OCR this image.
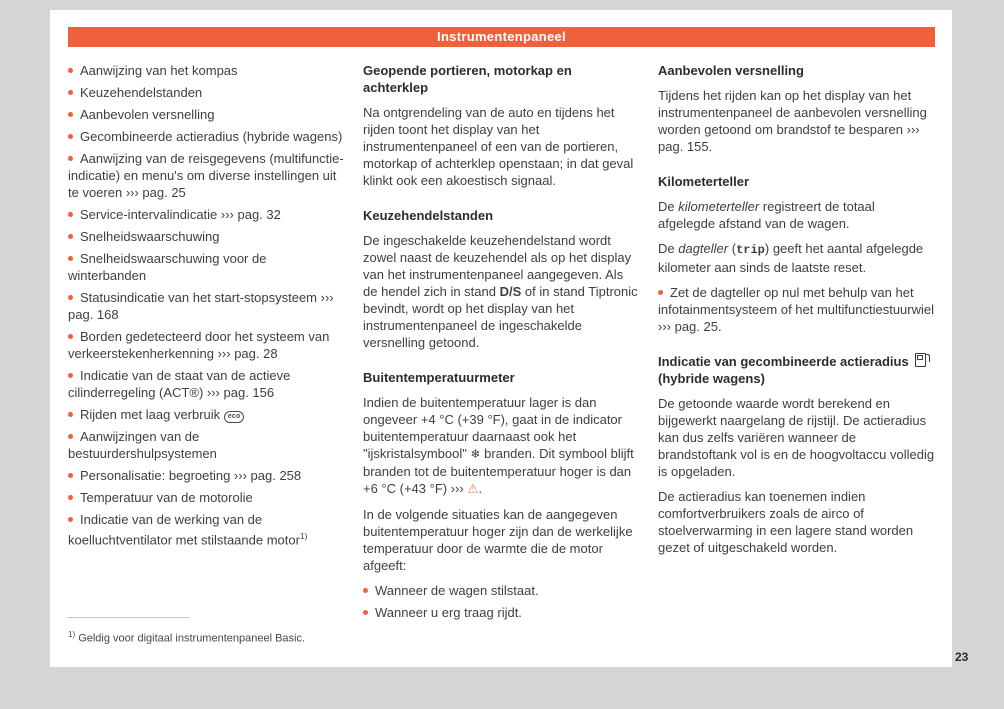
Instrumentenpaneel
Aanwijzing van het kompas
Keuzehendelstanden
Aanbevolen versnelling
Gecombineerde actieradius (hybride wagens)
Aanwijzing van de reisgegevens (multifunctie-indicatie) en menu's om diverse instellingen uit te voeren ››› pag. 25
Service-intervalindicatie ››› pag. 32
Snelheidswaarschuwing
Snelheidswaarschuwing voor de winterbanden
Statusindicatie van het start-stopsysteem ››› pag. 168
Borden gedetecteerd door het systeem van verkeerstekenherkenning ››› pag. 28
Indicatie van de staat van de actieve cilinderregeling (ACT®) ››› pag. 156
Rijden met laag verbruik eco
Aanwijzingen van de bestuurdershulpsystemen
Personalisatie: begroeting ››› pag. 258
Temperatuur van de motorolie
Indicatie van de werking van de koelluchtventilator met stilstaande motor$^{1)}$
Geopende portieren, motorkap en achterklep

Na ontgrendeling van de auto en tijdens het rijden toont het display van het instrumentenpaneel of een van de portieren, motorkap of achterklep openstaan; in dat geval klinkt ook een akoestisch signaal.

Keuzehendelstanden

De ingeschakelde keuzehendelstand wordt zowel naast de keuzehendel als op het display van het instrumentenpaneel aangegeven. Als de hendel zich in stand D/S of in stand Tiptronic bevindt, wordt op het display van het instrumentenpaneel de ingeschakelde versnelling getoond.

Buitentemperatuurmeter

Indien de buitentemperatuur lager is dan ongeveer +4 °C (+39 °F), gaat in de indicator buitentemperatuur daarnaast ook het "ijskristalsymbool" ❄ branden. Dit symbool blijft branden tot de buitentemperatuur hoger is dan +6 °C (+43 °F) ››› ⚠.

In de volgende situaties kan de aangegeven buitentemperatuur hoger zijn dan de werkelijke temperatuur door de warmte die de motor afgeeft:

Wanneer de wagen stilstaat.
Wanneer u erg traag rijdt.
Aanbevolen versnelling

Tijdens het rijden kan op het display van het instrumentenpaneel de aanbevolen versnelling worden getoond om brandstof te besparen ››› pag. 155.

Kilometerteller

De kilometerteller registreert de totaal afgelegde afstand van de wagen.

De dagteller (trip) geeft het aantal afgelegde kilometer aan sinds de laatste reset.

Zet de dagteller op nul met behulp van het infotainmentsysteem of het multifunctiestuurwiel ››› pag. 25.
Indicatie van gecombineerde actieradius  (hybride wagens)

De getoonde waarde wordt berekend en bijgewerkt naargelang de rijstijl. De actieradius kan dus zelfs variëren wanneer de brandstoftank vol is en de hoogvoltaccu volledig is opgeladen.

De actieradius kan toenemen indien comfortverbruikers zoals de airco of stoelverwarming in een lagere stand worden gezet of uitgeschakeld worden.

$^{1)}$ Geldig voor digitaal instrumentenpaneel Basic.
23
